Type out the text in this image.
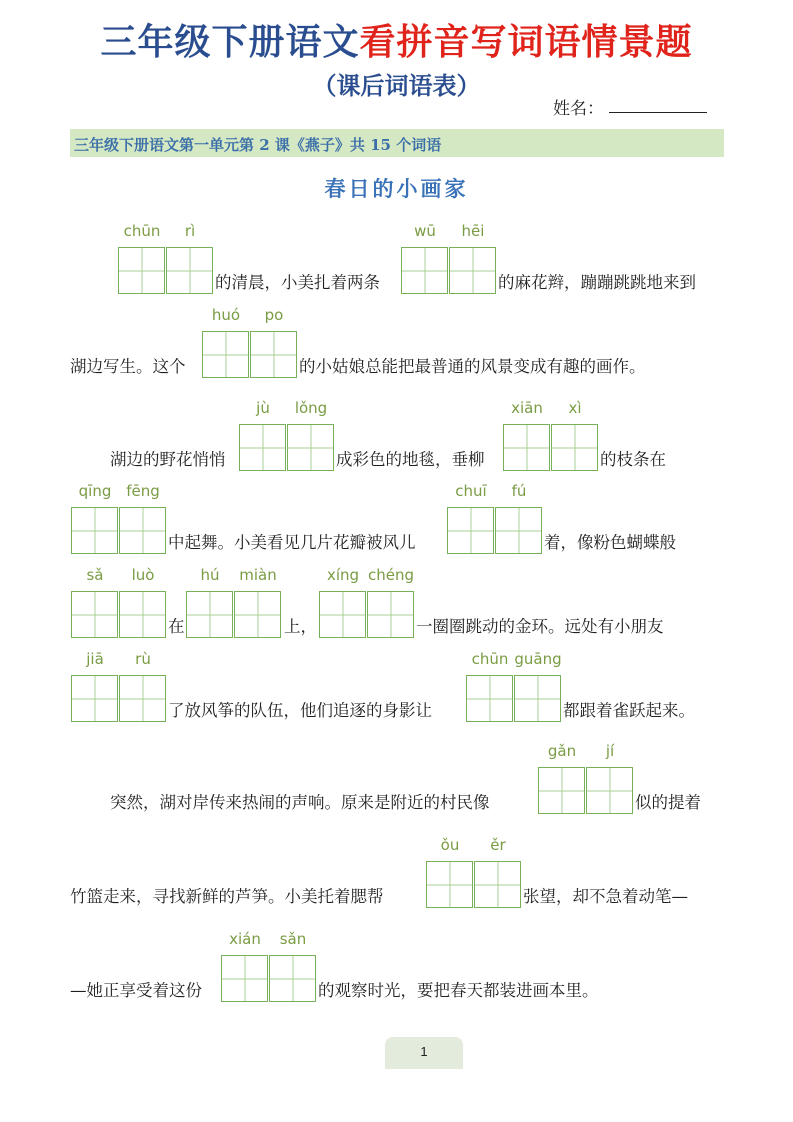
三年级下册语文看拼音写词语情景题
（课后词语表）
姓名：
三年级下册语文第一单元第 2 课《燕子》共 15 个词语
春日的小画家
chūn	rì
的清晨，小美扎着两条
wū	hēi
的麻花辫，蹦蹦跳跳地来到
湖边写生。这个
huó	po
的小姑娘总能把最普通的风景变成有趣的画作。
湖边的野花悄悄
jù	lǒng
成彩色的地毯，垂柳
xiān	xì
的枝条在
qīng fēng
中起舞。小美看见几片花瓣被风儿
chuī	fú
着，像粉色蝴蝶般
sǎ	luò
在
hú	miàn
上，
xíng chéng
一圈圈跳动的金环。远处有小朋友
jiā	rù
了放风筝的队伍，他们追逐的身影让
chūn guāng
都跟着雀跃起来。
突然，湖对岸传来热闹的声响。原来是附近的村民像
gǎn	jí
似的提着
竹篮走来，寻找新鲜的芦笋。小美托着腮帮
ǒu	ěr
张望，却不急着动笔—
—她正享受着这份
xián	sǎn
的观察时光，要把春天都装进画本里。
1
